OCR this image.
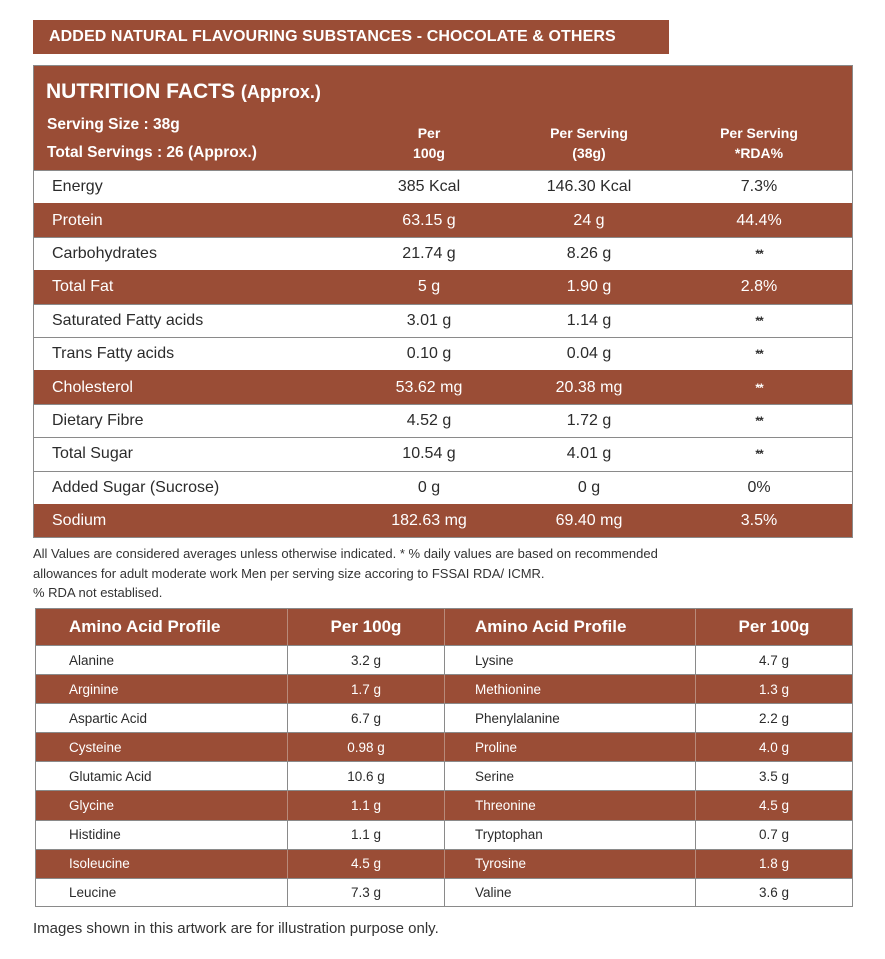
ADDED NATURAL FLAVOURING SUBSTANCES - CHOCOLATE & OTHERS
NUTRITION FACTS (Approx.)
Serving Size : 38g
Total Servings : 26 (Approx.)
Per
100g
Per Serving
(38g)
Per Serving
*RDA%
Energy	385 Kcal	146.30 Kcal	7.3%
Protein	63.15 g	24 g	44.4%
Carbohydrates	21.74 g	8.26 g	**
Total Fat	5 g	1.90 g	2.8%
Saturated Fatty acids	3.01 g	1.14 g	**
Trans Fatty acids	0.10 g	0.04 g	**
Cholesterol	53.62 mg	20.38 mg	**
Dietary Fibre	4.52 g	1.72 g	**
Total Sugar	10.54 g	4.01 g	**
Added Sugar (Sucrose)	0 g	0 g	0%
Sodium	182.63 mg	69.40 mg	3.5%
All Values are considered averages unless otherwise indicated. * % daily values are based on recommended
allowances for adult moderate work Men per serving size accoring to FSSAI RDA/ ICMR.
% RDA not establised.
Amino Acid Profile	Per 100g	Amino Acid Profile	Per 100g
Alanine	3.2 g	Lysine	4.7 g
Arginine	1.7 g	Methionine	1.3 g
Aspartic Acid	6.7 g	Phenylalanine	2.2 g
Cysteine	0.98 g	Proline	4.0 g
Glutamic Acid	10.6 g	Serine	3.5 g
Glycine	1.1 g	Threonine	4.5 g
Histidine	1.1 g	Tryptophan	0.7 g
Isoleucine	4.5 g	Tyrosine	1.8 g
Leucine	7.3 g	Valine	3.6 g
Images shown in this artwork are for illustration purpose only.
